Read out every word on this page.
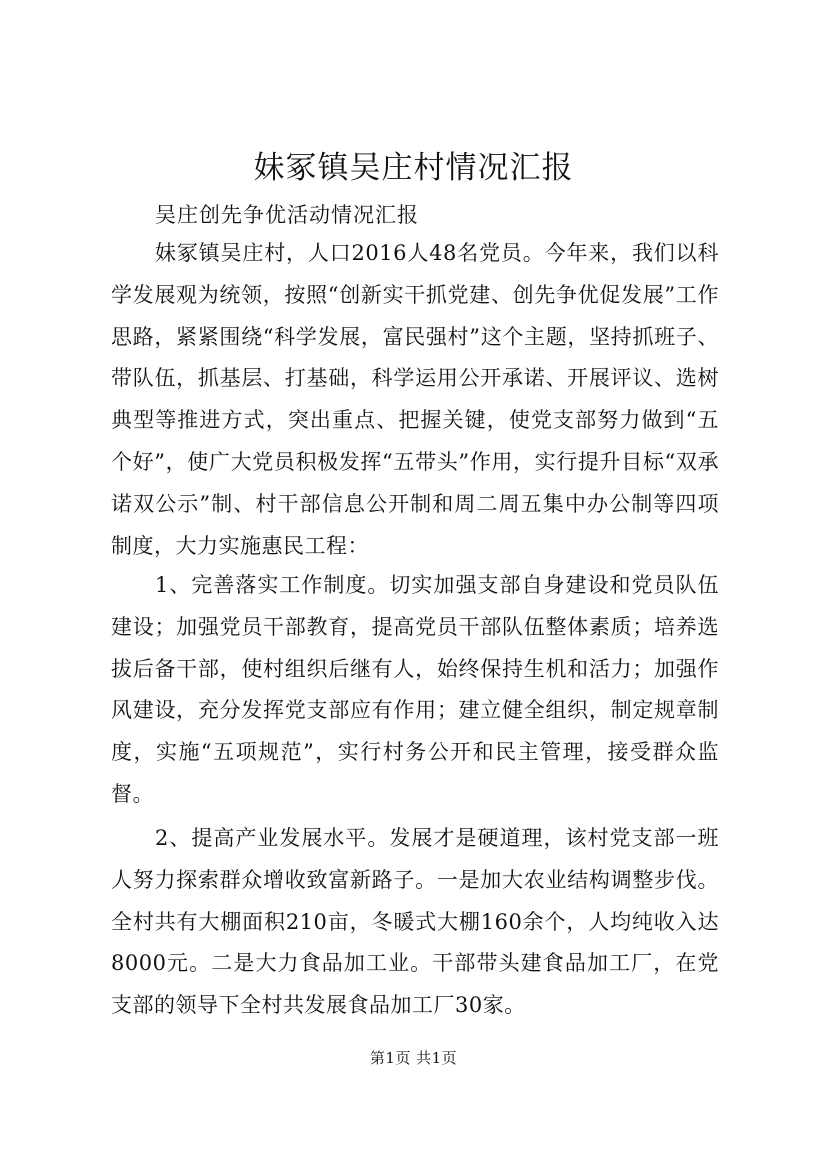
妹冢镇吴庄村情况汇报
吴庄创先争优活动情况汇报

妹冢镇吴庄村，人口2016人48名党员。今年来，我们以科学发展观为统领，按照“创新实干抓党建、创先争优促发展”工作思路，紧紧围绕“科学发展，富民强村”这个主题，坚持抓班子、带队伍，抓基层、打基础，科学运用公开承诺、开展评议、选树典型等推进方式，突出重点、把握关键，使党支部努力做到“五个好”，使广大党员积极发挥“五带头”作用，实行提升目标“双承诺双公示”制、村干部信息公开制和周二周五集中办公制等四项制度，大力实施惠民工程：

1、完善落实工作制度。切实加强支部自身建设和党员队伍建设；加强党员干部教育，提高党员干部队伍整体素质；培养选拔后备干部，使村组织后继有人，始终保持生机和活力；加强作风建设，充分发挥党支部应有作用；建立健全组织，制定规章制度，实施“五项规范”，实行村务公开和民主管理，接受群众监督。

2、提高产业发展水平。发展才是硬道理，该村党支部一班人努力探索群众增收致富新路子。一是加大农业结构调整步伐。全村共有大棚面积210亩，冬暖式大棚160余个，人均纯收入达8000元。二是大力食品加工业。干部带头建食品加工厂，在党支部的领导下全村共发展食品加工厂30家。

第1页 共1页
